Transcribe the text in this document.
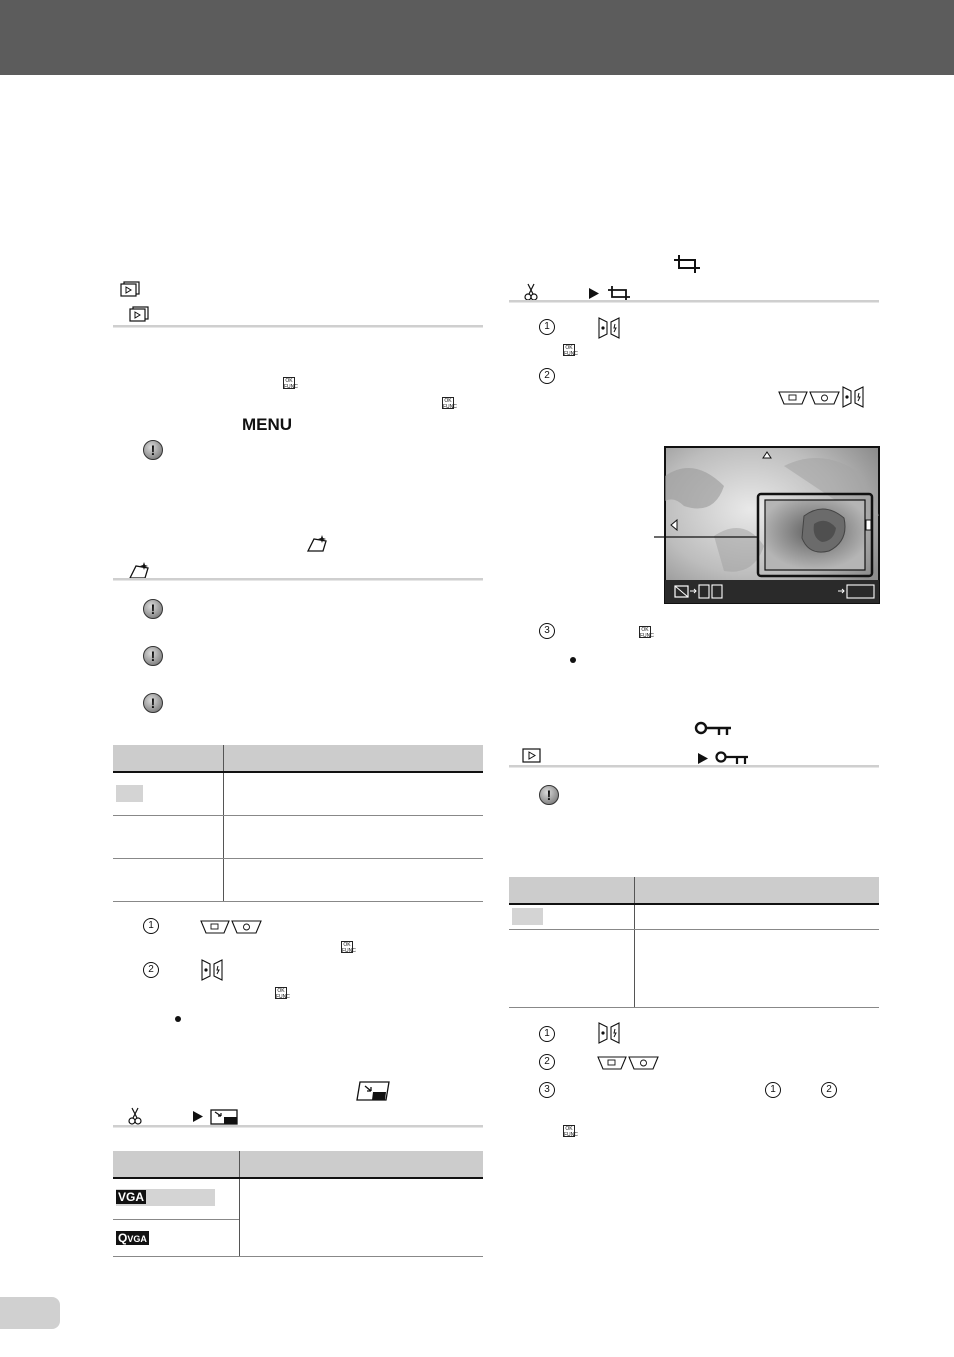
OK
FUNC
OK
FUNC
MENU
!
!
!
!
1
OK
FUNC
2
OK
FUNC
VGA
QVGA
1
OK
FUNC
2
3	OK
FUNC
!
1
2
3	1	2
OK
FUNC
